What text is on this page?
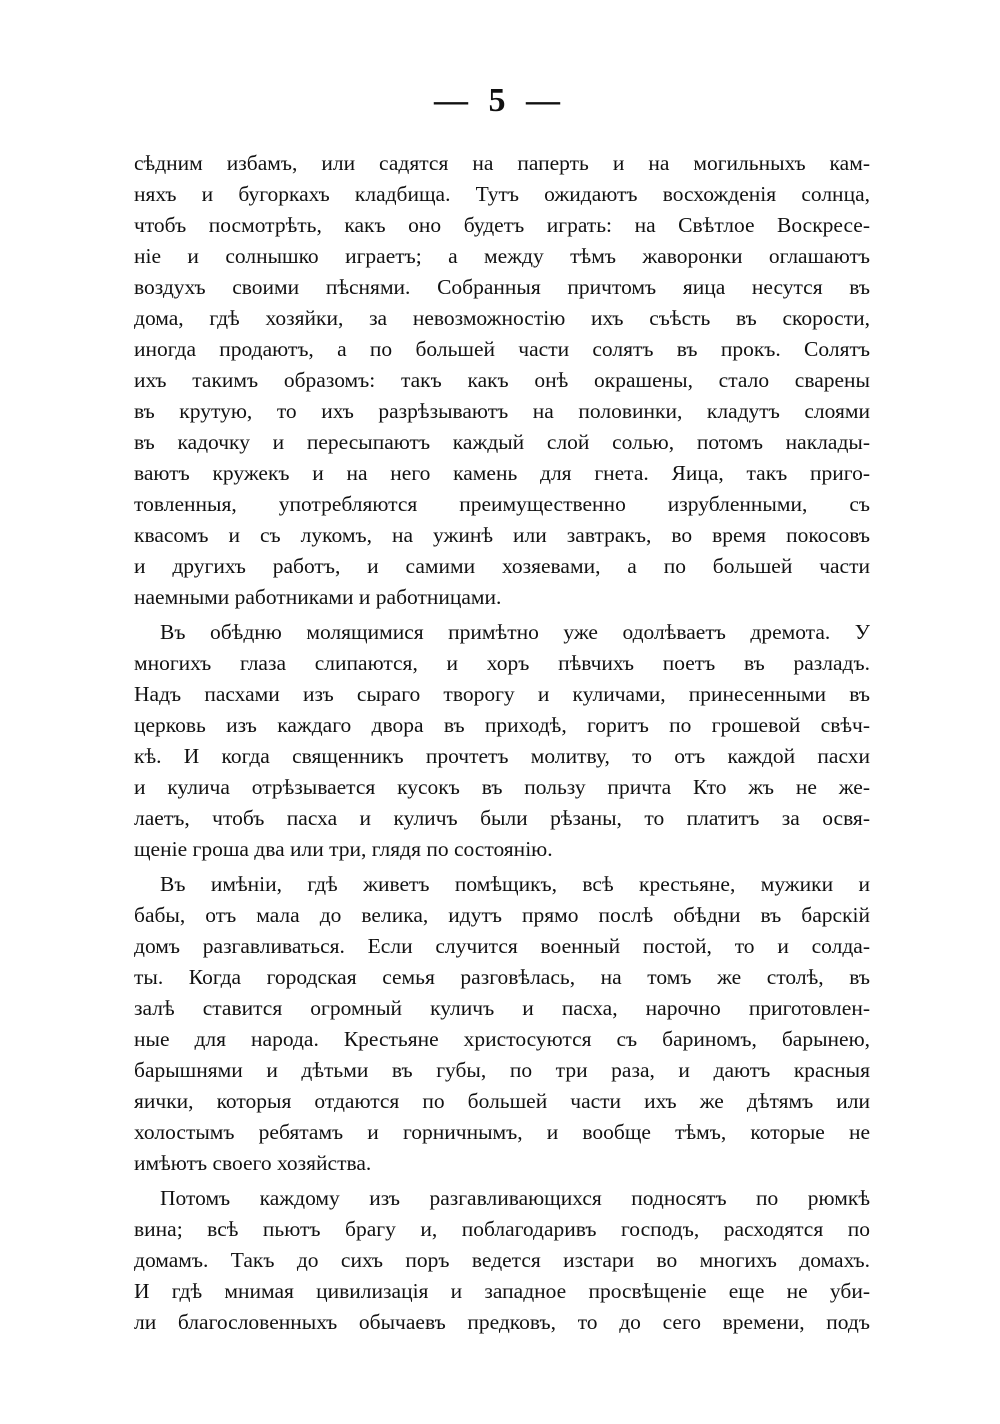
— 5 —
сѣдним избамъ, или садятся на паперть и на могильныхъ кам-
няхъ и бугоркахъ кладбища. Тутъ ожидаютъ восхожденія солнца,
чтобъ посмотрѣть, какъ оно будетъ играть: на Свѣтлое Воскресе-
ніе и солнышко играетъ; а между тѣмъ жаворонки оглашаютъ
воздухъ своими пѣснями. Собранныя причтомъ яица несутся въ
дома, гдѣ хозяйки, за невозможностію ихъ съѣсть въ скорости,
иногда продаютъ, а по большей части солятъ въ прокъ. Солятъ
ихъ такимъ образомъ: такъ какъ онѣ окрашены, стало сварены
въ крутую, то ихъ разрѣзываютъ на половинки, кладутъ слоями
въ кадочку и пересыпаютъ каждый слой солью, потомъ наклады-
ваютъ кружекъ и на него камень для гнета. Яица, такъ приго-
товленныя, употребляются преимущественно изрубленными, съ
квасомъ и съ лукомъ, на ужинѣ или завтракъ, во время покосовъ
и другихъ работъ, и самими хозяевами, а по большей части
наемными работниками и работницами.
Въ обѣдню молящимися примѣтно уже одолѣваетъ дремота. У
многихъ глаза слипаются, и хоръ пѣвчихъ поетъ въ разладъ.
Надъ пасхами изъ сырaго творогу и куличами, принесенными въ
церковь изъ каждаго двора въ приходѣ, горитъ по грошевой свѣч-
кѣ. И когда священникъ прочтетъ молитву, то отъ каждой пасхи
и кулича отрѣзывается кусокъ въ пользу причта Кто жъ не же-
лаетъ, чтобъ пасха и куличъ были рѣзаны, то платитъ за освя-
щеніе гроша два или три, глядя по состоянію.
Въ имѣніи, гдѣ живетъ помѣщикъ, всѣ крестьяне, мужики и
бабы, отъ мала до велика, идутъ прямо послѣ обѣдни въ барскій
домъ разгавливаться. Если случится военный постой, то и солда-
ты. Когда городская семья разговѣлась, на томъ же столѣ, въ
залѣ ставится огромный куличъ и пасха, нарочно приготовлен-
ные для народа. Крестьяне христосуются съ бариномъ, барынею,
барышнями и дѣтьми въ губы, по три раза, и даютъ красныя
яички, которыя отдаются по большей части ихъ же дѣтямъ или
холостымъ ребятамъ и горничнымъ, и вообще тѣмъ, которые не
имѣютъ своего хозяйства.
Потомъ каждому изъ разгавливающихся подносятъ по рюмкѣ
вина; всѣ пьютъ брагу и, поблагодаривъ господъ, расходятся по
домамъ. Такъ до сихъ поръ ведется изстари во многихъ домахъ.
И гдѣ мнимая цивилизація и западное просвѣщеніе еще не уби-
ли благословенныхъ обычаевъ предковъ, то до сего времени, подъ
